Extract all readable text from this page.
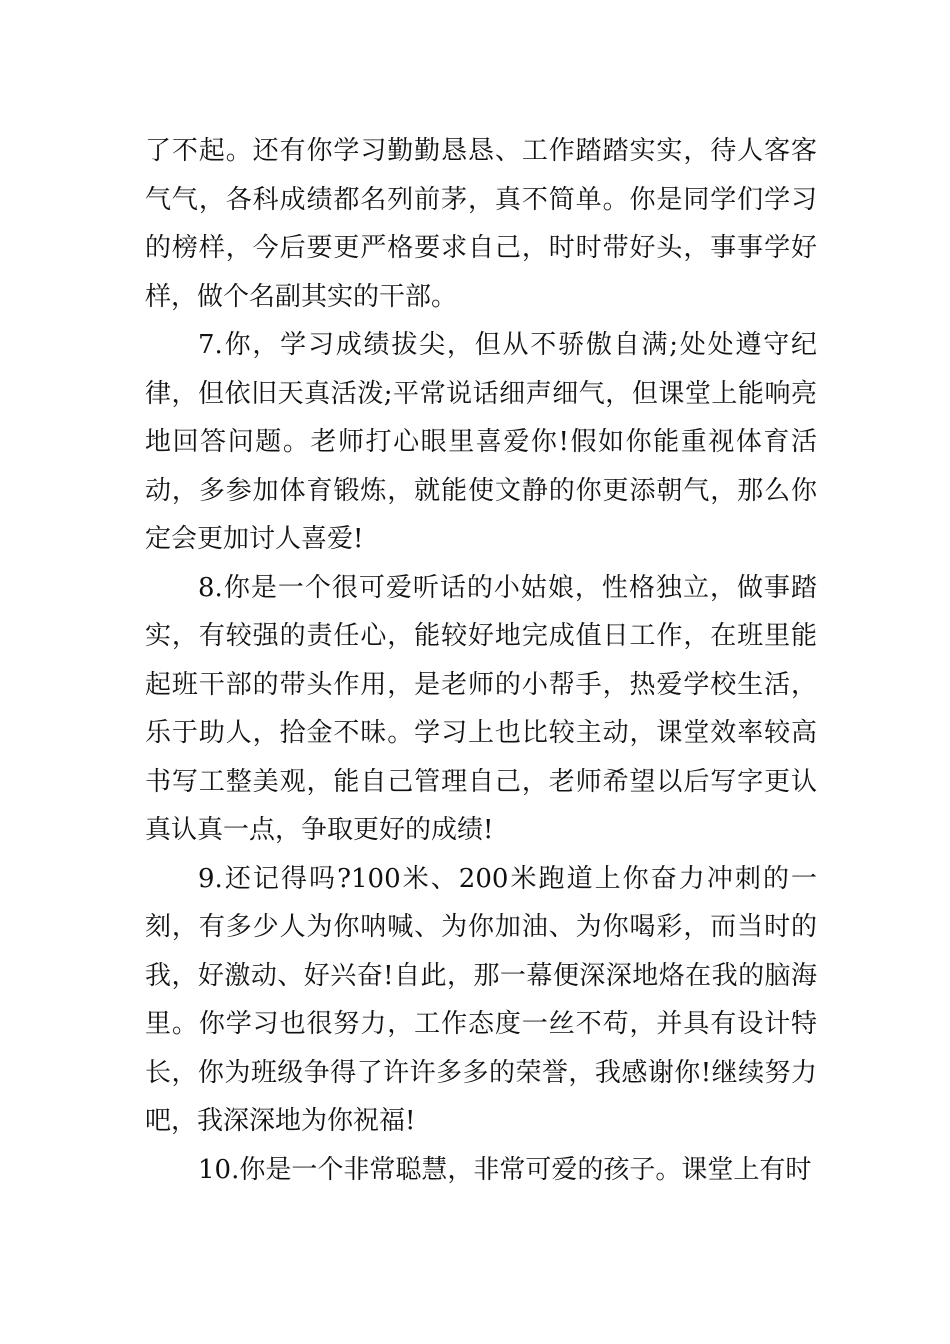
了不起。还有你学习勤勤恳恳、工作踏踏实实，待人客客气气，各科成绩都名列前茅，真不简单。你是同学们学习的榜样，今后要更严格要求自己，时时带好头，事事学好样，做个名副其实的干部。

7.你，学习成绩拔尖，但从不骄傲自满;处处遵守纪律，但依旧天真活泼;平常说话细声细气，但课堂上能响亮地回答问题。老师打心眼里喜爱你!假如你能重视体育活动，多参加体育锻炼，就能使文静的你更添朝气，那么你定会更加讨人喜爱!

8.你是一个很可爱听话的小姑娘，性格独立，做事踏实，有较强的责任心，能较好地完成值日工作，在班里能起班干部的带头作用，是老师的小帮手，热爱学校生活，乐于助人，拾金不昧。学习上也比较主动，课堂效率较高书写工整美观，能自己管理自己，老师希望以后写字更认真认真一点，争取更好的成绩!

9.还记得吗?100米、200米跑道上你奋力冲刺的一刻，有多少人为你呐喊、为你加油、为你喝彩，而当时的我，好激动、好兴奋!自此，那一幕便深深地烙在我的脑海里。你学习也很努力，工作态度一丝不苟，并具有设计特长，你为班级争得了许许多多的荣誉，我感谢你!继续努力吧，我深深地为你祝福!

10.你是一个非常聪慧，非常可爱的孩子。课堂上有时
